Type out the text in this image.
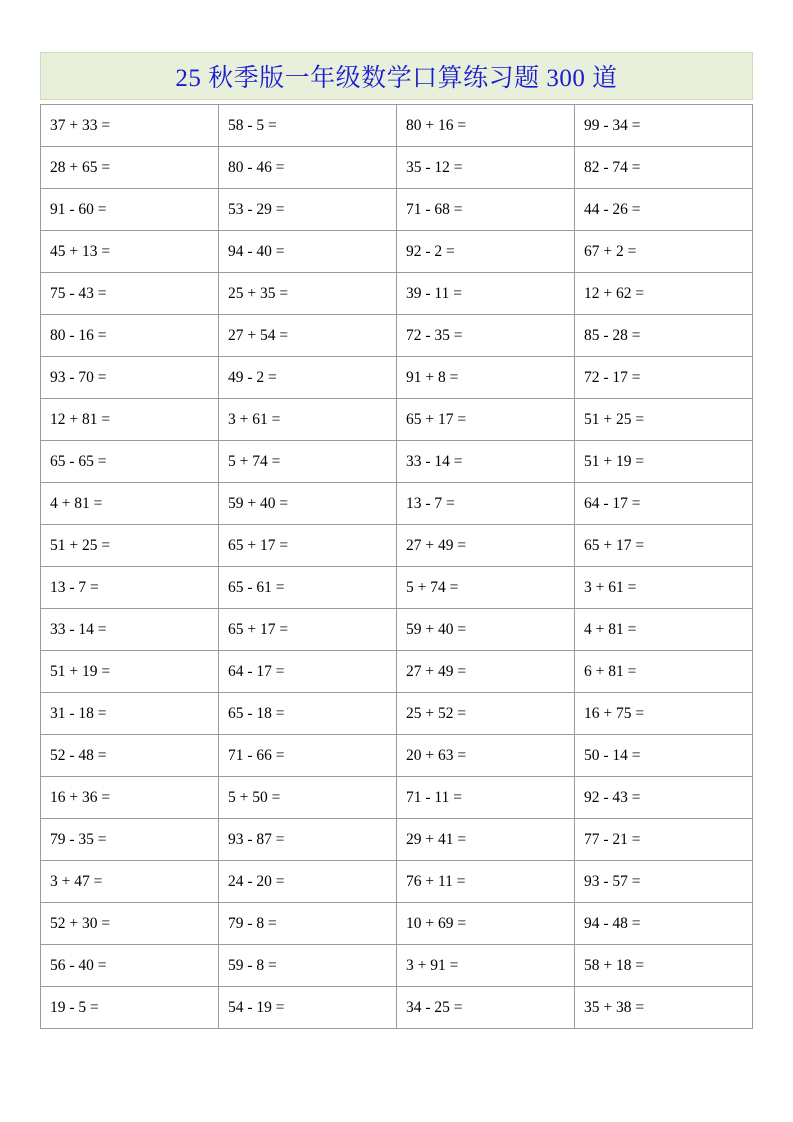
25 秋季版一年级数学口算练习题 300 道
37 + 33 =	58 - 5 =	80 + 16 =	99 - 34 =
28 + 65 =	80 - 46 =	35 - 12 =	82 - 74 =
91 - 60 =	53 - 29 =	71 - 68 =	44 - 26 =
45 + 13 =	94 - 40 =	92 - 2 =	67 + 2 =
75 - 43 =	25 + 35 =	39 - 11 =	12 + 62 =
80 - 16 =	27 + 54 =	72 - 35 =	85 - 28 =
93 - 70 =	49 - 2 =	91 + 8 =	72 - 17 =
12 + 81 =	3 + 61 =	65 + 17 =	51 + 25 =
65 - 65 =	5 + 74 =	33 - 14 =	51 + 19 =
4 + 81 =	59 + 40 =	13 - 7 =	64 - 17 =
51 + 25 =	65 + 17 =	27 + 49 =	65 + 17 =
13 - 7 =	65 - 61 =	5 + 74 =	3 + 61 =
33 - 14 =	65 + 17 =	59 + 40 =	4 + 81 =
51 + 19 =	64 - 17 =	27 + 49 =	6 + 81 =
31 - 18 =	65 - 18 =	25 + 52 =	16 + 75 =
52 - 48 =	71 - 66 =	20 + 63 =	50 - 14 =
16 + 36 =	5 + 50 =	71 - 11 =	92 - 43 =
79 - 35 =	93 - 87 =	29 + 41 =	77 - 21 =
3 + 47 =	24 - 20 =	76 + 11 =	93 - 57 =
52 + 30 =	79 - 8 =	10 + 69 =	94 - 48 =
56 - 40 =	59 - 8 =	3 + 91 =	58 + 18 =
19 - 5 =	54 - 19 =	34 - 25 =	35 + 38 =
